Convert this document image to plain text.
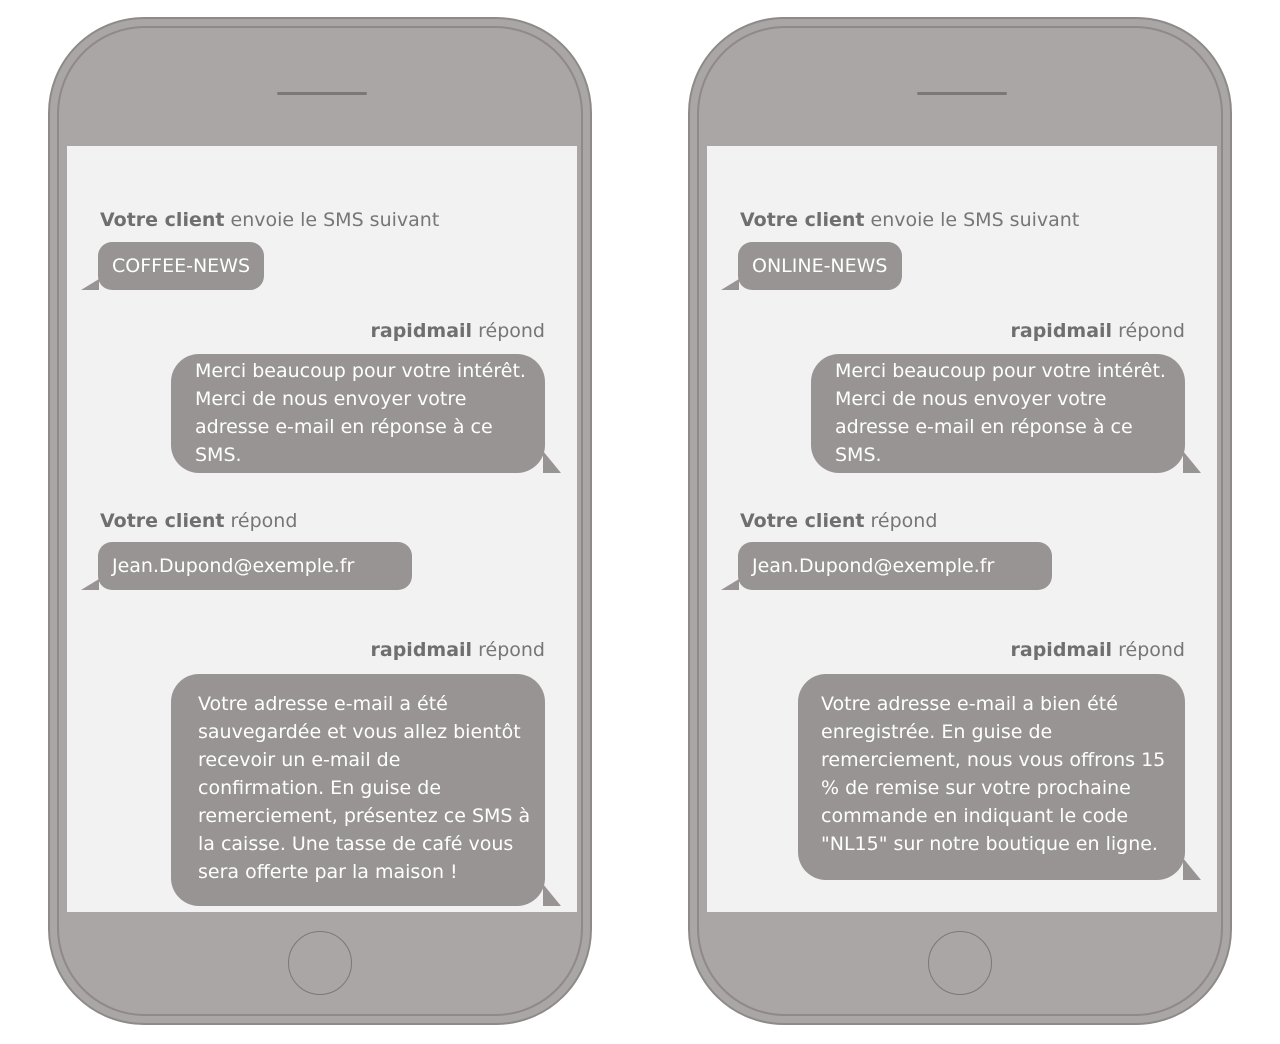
Votre client envoie le SMS suivant
COFFEE-NEWS
rapidmail répond
Merci beaucoup pour votre intérêt. Merci de nous envoyer votre adresse e-mail en réponse à ce SMS.
Votre client répond
Jean.Dupond@exemple.fr
rapidmail répond
Votre adresse e-mail a été sauvegardée et vous allez bientôt recevoir un e-mail de confirmation. En guise de remerciement, présentez ce SMS à la caisse. Une tasse de café vous sera offerte par la maison !
Votre client envoie le SMS suivant
ONLINE-NEWS
rapidmail répond
Merci beaucoup pour votre intérêt. Merci de nous envoyer votre adresse e-mail en réponse à ce SMS.
Votre client répond
Jean.Dupond@exemple.fr
rapidmail répond
Votre adresse e-mail a bien été enregistrée. En guise de remerciement, nous vous offrons 15 % de remise sur votre prochaine commande en indiquant le code "NL15" sur notre boutique en ligne.
